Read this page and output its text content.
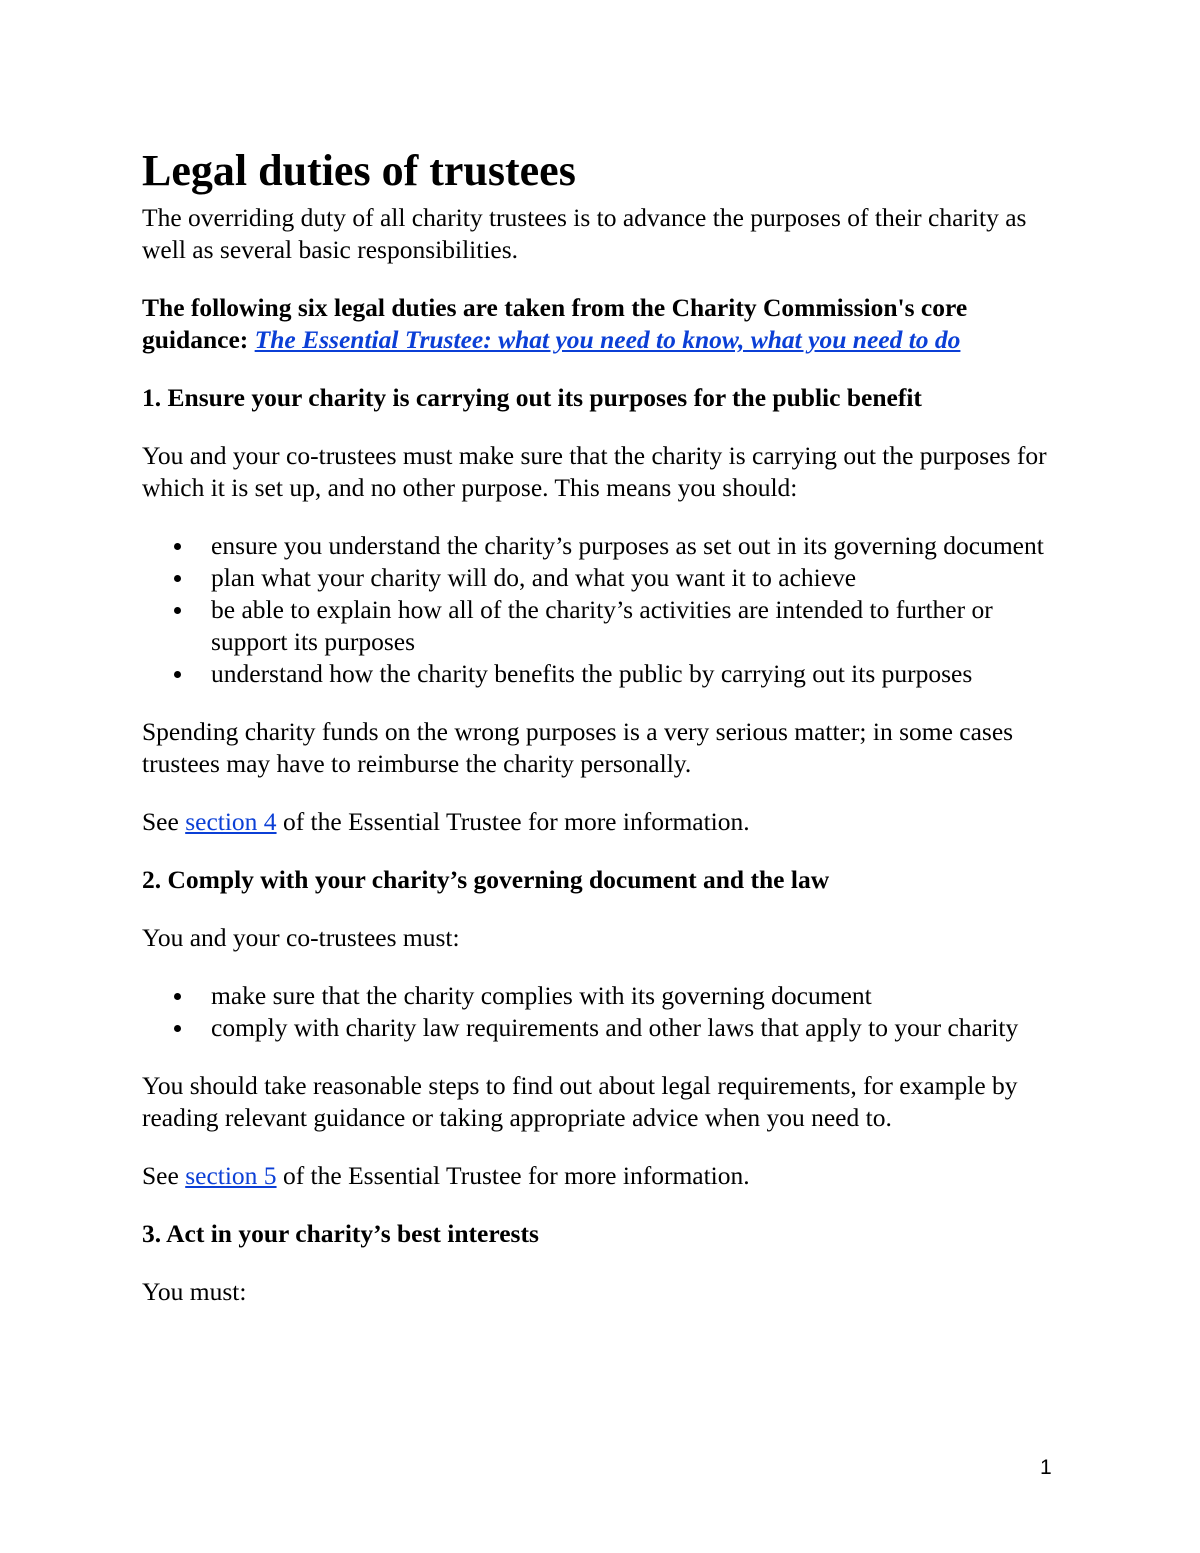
Legal duties of trustees

The overriding duty of all charity trustees is to advance the purposes of their charity as well as several basic responsibilities.

The following six legal duties are taken from the Charity Commission's core guidance: The Essential Trustee: what you need to know, what you need to do

1. Ensure your charity is carrying out its purposes for the public benefit

You and your co-trustees must make sure that the charity is carrying out the purposes for which it is set up, and no other purpose. This means you should:

ensure you understand the charity’s purposes as set out in its governing document
plan what your charity will do, and what you want it to achieve
be able to explain how all of the charity’s activities are intended to further or support its purposes
understand how the charity benefits the public by carrying out its purposes

Spending charity funds on the wrong purposes is a very serious matter; in some cases trustees may have to reimburse the charity personally.

See section 4 of the Essential Trustee for more information.

2. Comply with your charity’s governing document and the law

You and your co-trustees must:

make sure that the charity complies with its governing document
comply with charity law requirements and other laws that apply to your charity

You should take reasonable steps to find out about legal requirements, for example by reading relevant guidance or taking appropriate advice when you need to.

See section 5 of the Essential Trustee for more information.

3. Act in your charity’s best interests

You must:

1
